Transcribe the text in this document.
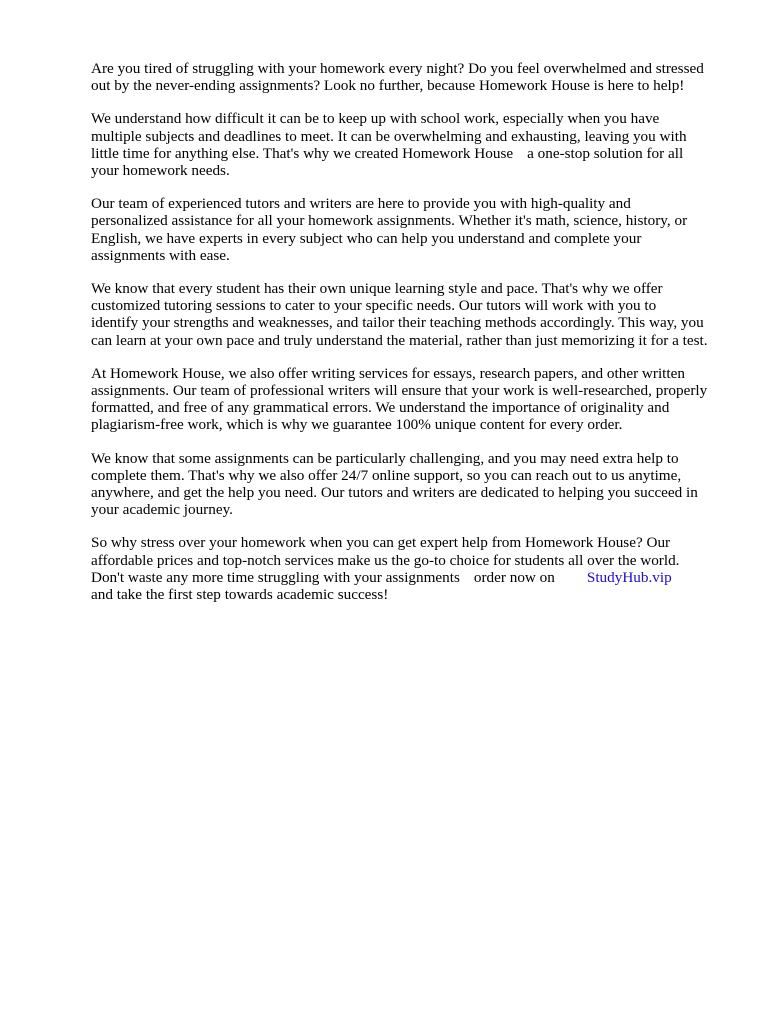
Are you tired of struggling with your homework every night? Do you feel overwhelmed and stressed
out by the never-ending assignments? Look no further, because Homework House is here to help!

We understand how difficult it can be to keep up with school work, especially when you have
multiple subjects and deadlines to meet. It can be overwhelming and exhausting, leaving you with
little time for anything else. That's why we created Homework House a one-stop solution for all
your homework needs.

Our team of experienced tutors and writers are here to provide you with high-quality and
personalized assistance for all your homework assignments. Whether it's math, science, history, or
English, we have experts in every subject who can help you understand and complete your
assignments with ease.

We know that every student has their own unique learning style and pace. That's why we offer
customized tutoring sessions to cater to your specific needs. Our tutors will work with you to
identify your strengths and weaknesses, and tailor their teaching methods accordingly. This way, you
can learn at your own pace and truly understand the material, rather than just memorizing it for a test.

At Homework House, we also offer writing services for essays, research papers, and other written
assignments. Our team of professional writers will ensure that your work is well-researched, properly
formatted, and free of any grammatical errors. We understand the importance of originality and
plagiarism-free work, which is why we guarantee 100% unique content for every order.

We know that some assignments can be particularly challenging, and you may need extra help to
complete them. That's why we also offer 24/7 online support, so you can reach out to us anytime,
anywhere, and get the help you need. Our tutors and writers are dedicated to helping you succeed in
your academic journey.

So why stress over your homework when you can get expert help from Homework House? Our
affordable prices and top-notch services make us the go-to choice for students all over the world.
Don't waste any more time struggling with your assignments order now on StudyHub.vip
and take the first step towards academic success!
